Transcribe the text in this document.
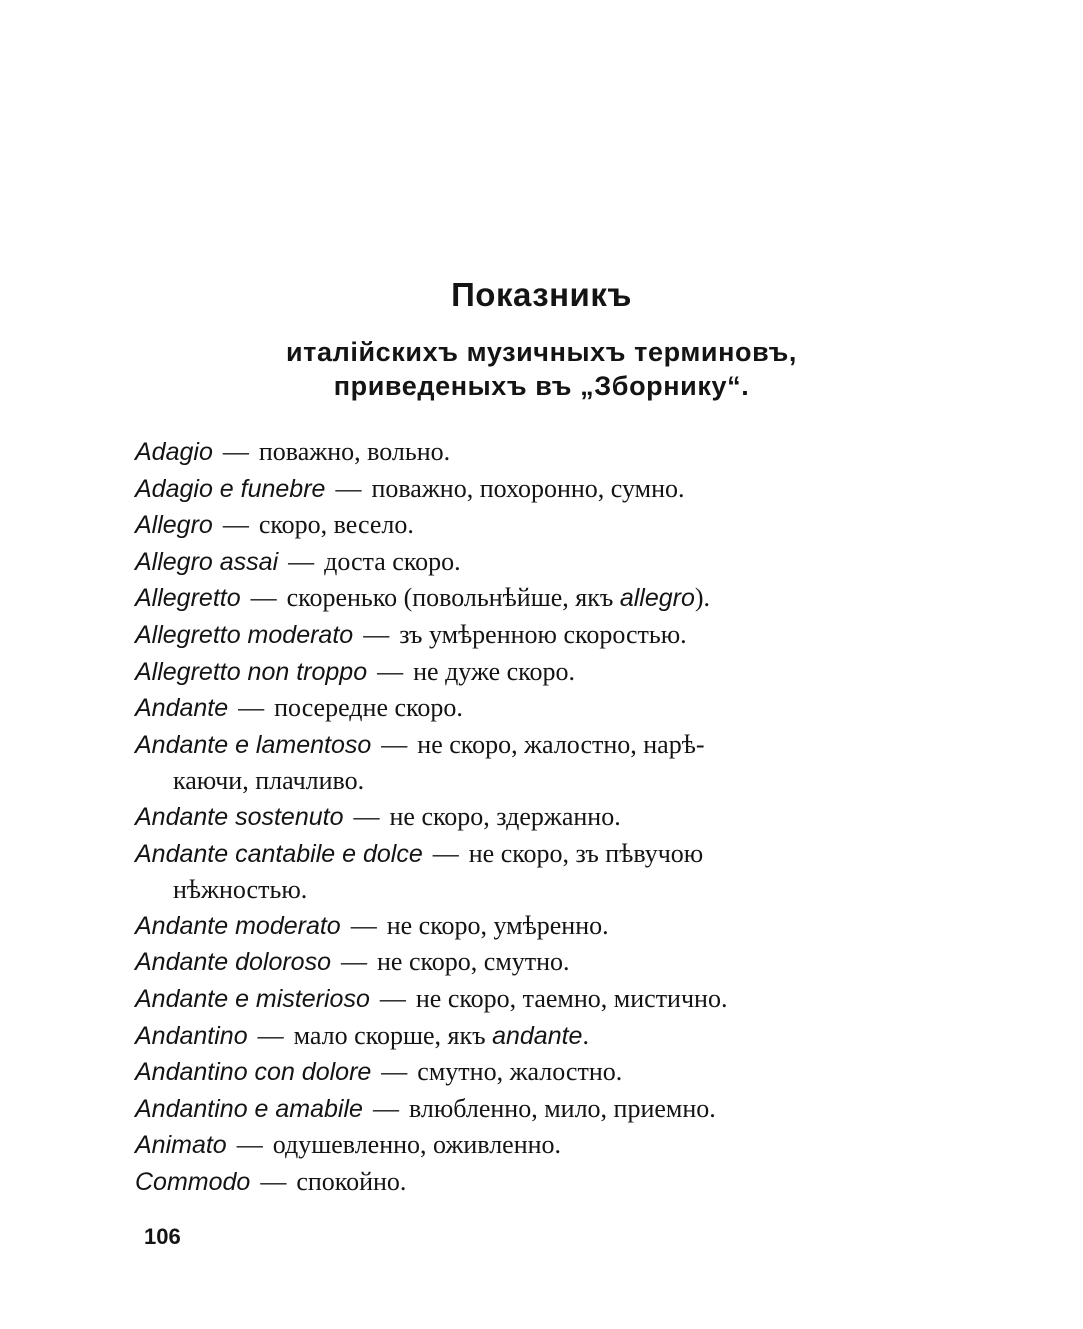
Показникъ
италійскихъ музичныхъ терминовъ,
приведеныхъ въ „Зборнику“.
Adagio — поважно, вольно.
Adagio e funebre — поважно, похоронно, сумно.
Allegro — скоро, весело.
Allegro assai — доста скоро.
Allegretto — скоренько (повольнѣйше, якъ allegro).
Allegretto moderato — зъ умѣренною скоростью.
Allegretto non troppo — не дуже скоро.
Andante — посередне скоро.
Andante e lamentoso — не скоро, жалостно, нарѣ-
каючи, плачливо.
Andante sostenuto — не скоро, здержанно.
Andante cantabile e dolce — не скоро, зъ пѣвучою
нѣжностью.
Andante moderato — не скоро, умѣренно.
Andante doloroso — не скоро, смутно.
Andante e misterioso — не скоро, таемно, мистично.
Andantino — мало скорше, якъ andante.
Andantino con dolore — смутно, жалостно.
Andantino e amabile — влюбленно, мило, приемно.
Animato — одушевленно, оживленно.
Commodo — спокойно.
106
